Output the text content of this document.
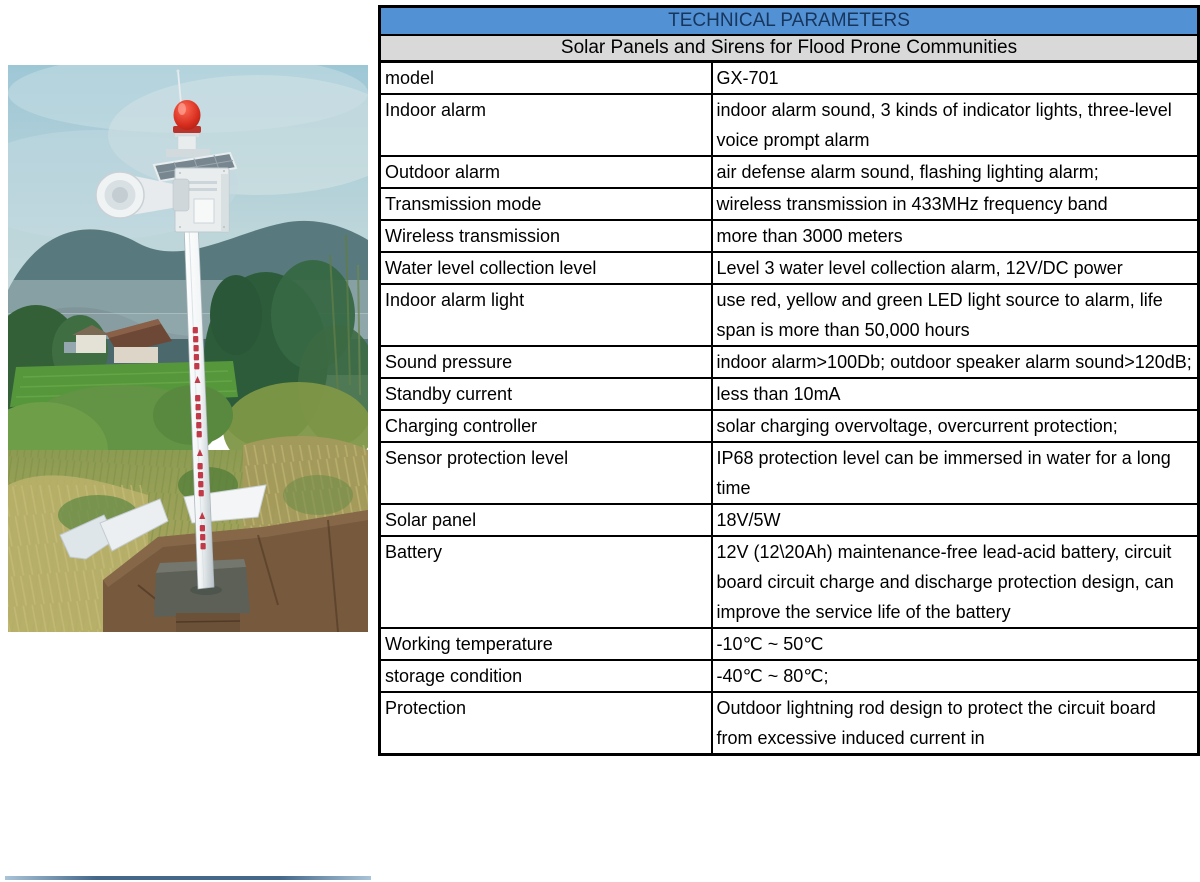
TECHNICAL PARAMETERS	
Solar Panels and Sirens for Flood Prone Communities	
model	GX-701
Indoor alarm	indoor alarm sound, 3 kinds of indicator lights, three-level voice prompt alarm
Outdoor alarm	air defense alarm sound, flashing lighting alarm;
Transmission mode	wireless transmission in 433MHz frequency band
Wireless transmission	more than 3000 meters
Water level collection level	Level 3 water level collection alarm, 12V/DC power
Indoor alarm light	use red, yellow and green LED light source to alarm, life span is more than 50,000 hours
Sound pressure	indoor alarm>100Db; outdoor speaker alarm sound>120dB;
Standby current	less than 10mA
Charging controller	solar charging overvoltage, overcurrent protection;
Sensor protection level	IP68 protection level can be immersed in water for a long time
Solar panel	18V/5W
Battery	12V (12\20Ah) maintenance-free lead-acid battery, circuit board circuit charge and discharge protection design, can improve the service life of the battery
Working temperature	-10℃ ~ 50℃
storage condition	-40℃ ~ 80℃;
Protection	Outdoor lightning rod design to protect the circuit board from excessive induced current in
